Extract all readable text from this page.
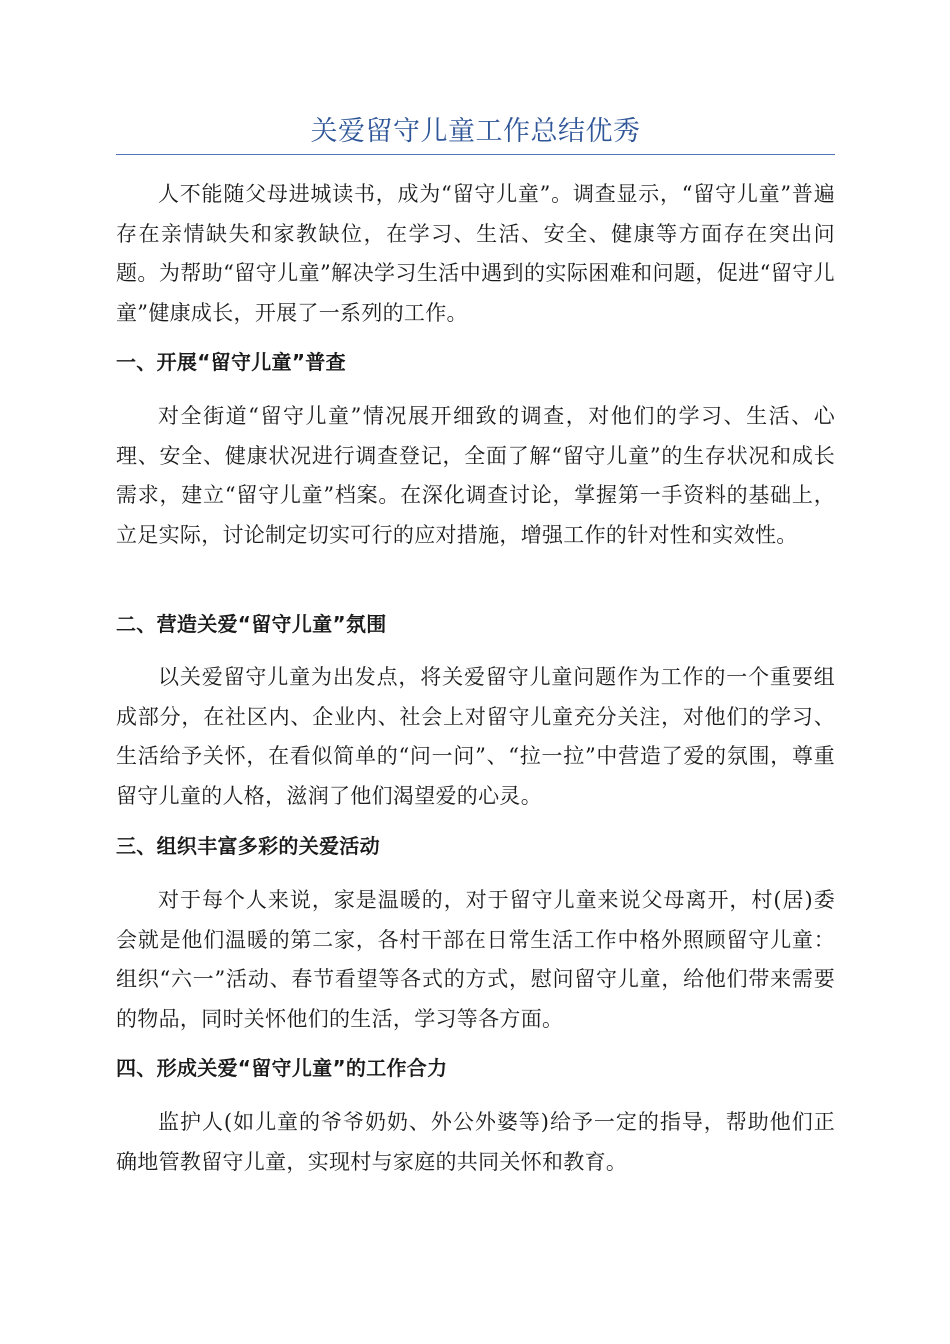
关爱留守儿童工作总结优秀

人不能随父母进城读书，成为“留守儿童”。调查显示，“留守儿童”普遍存在亲情缺失和家教缺位，在学习、生活、安全、健康等方面存在突出问题。为帮助“留守儿童”解决学习生活中遇到的实际困难和问题，促进“留守儿童”健康成长，开展了一系列的工作。

一、开展“留守儿童”普查

对全街道“留守儿童”情况展开细致的调查，对他们的学习、生活、心理、安全、健康状况进行调查登记，全面了解“留守儿童”的生存状况和成长需求，建立“留守儿童”档案。在深化调查讨论，掌握第一手资料的基础上，立足实际，讨论制定切实可行的应对措施，增强工作的针对性和实效性。

二、营造关爱“留守儿童”氛围

以关爱留守儿童为出发点，将关爱留守儿童问题作为工作的一个重要组成部分，在社区内、企业内、社会上对留守儿童充分关注，对他们的学习、生活给予关怀，在看似简单的“问一问”、“拉一拉”中营造了爱的氛围，尊重留守儿童的人格，滋润了他们渴望爱的心灵。

三、组织丰富多彩的关爱活动

对于每个人来说，家是温暖的，对于留守儿童来说父母离开，村(居)委会就是他们温暖的第二家，各村干部在日常生活工作中格外照顾留守儿童：组织“六一”活动、春节看望等各式的方式，慰问留守儿童，给他们带来需要的物品，同时关怀他们的生活，学习等各方面。

四、形成关爱“留守儿童”的工作合力

监护人(如儿童的爷爷奶奶、外公外婆等)给予一定的指导，帮助他们正确地管教留守儿童，实现村与家庭的共同关怀和教育。
